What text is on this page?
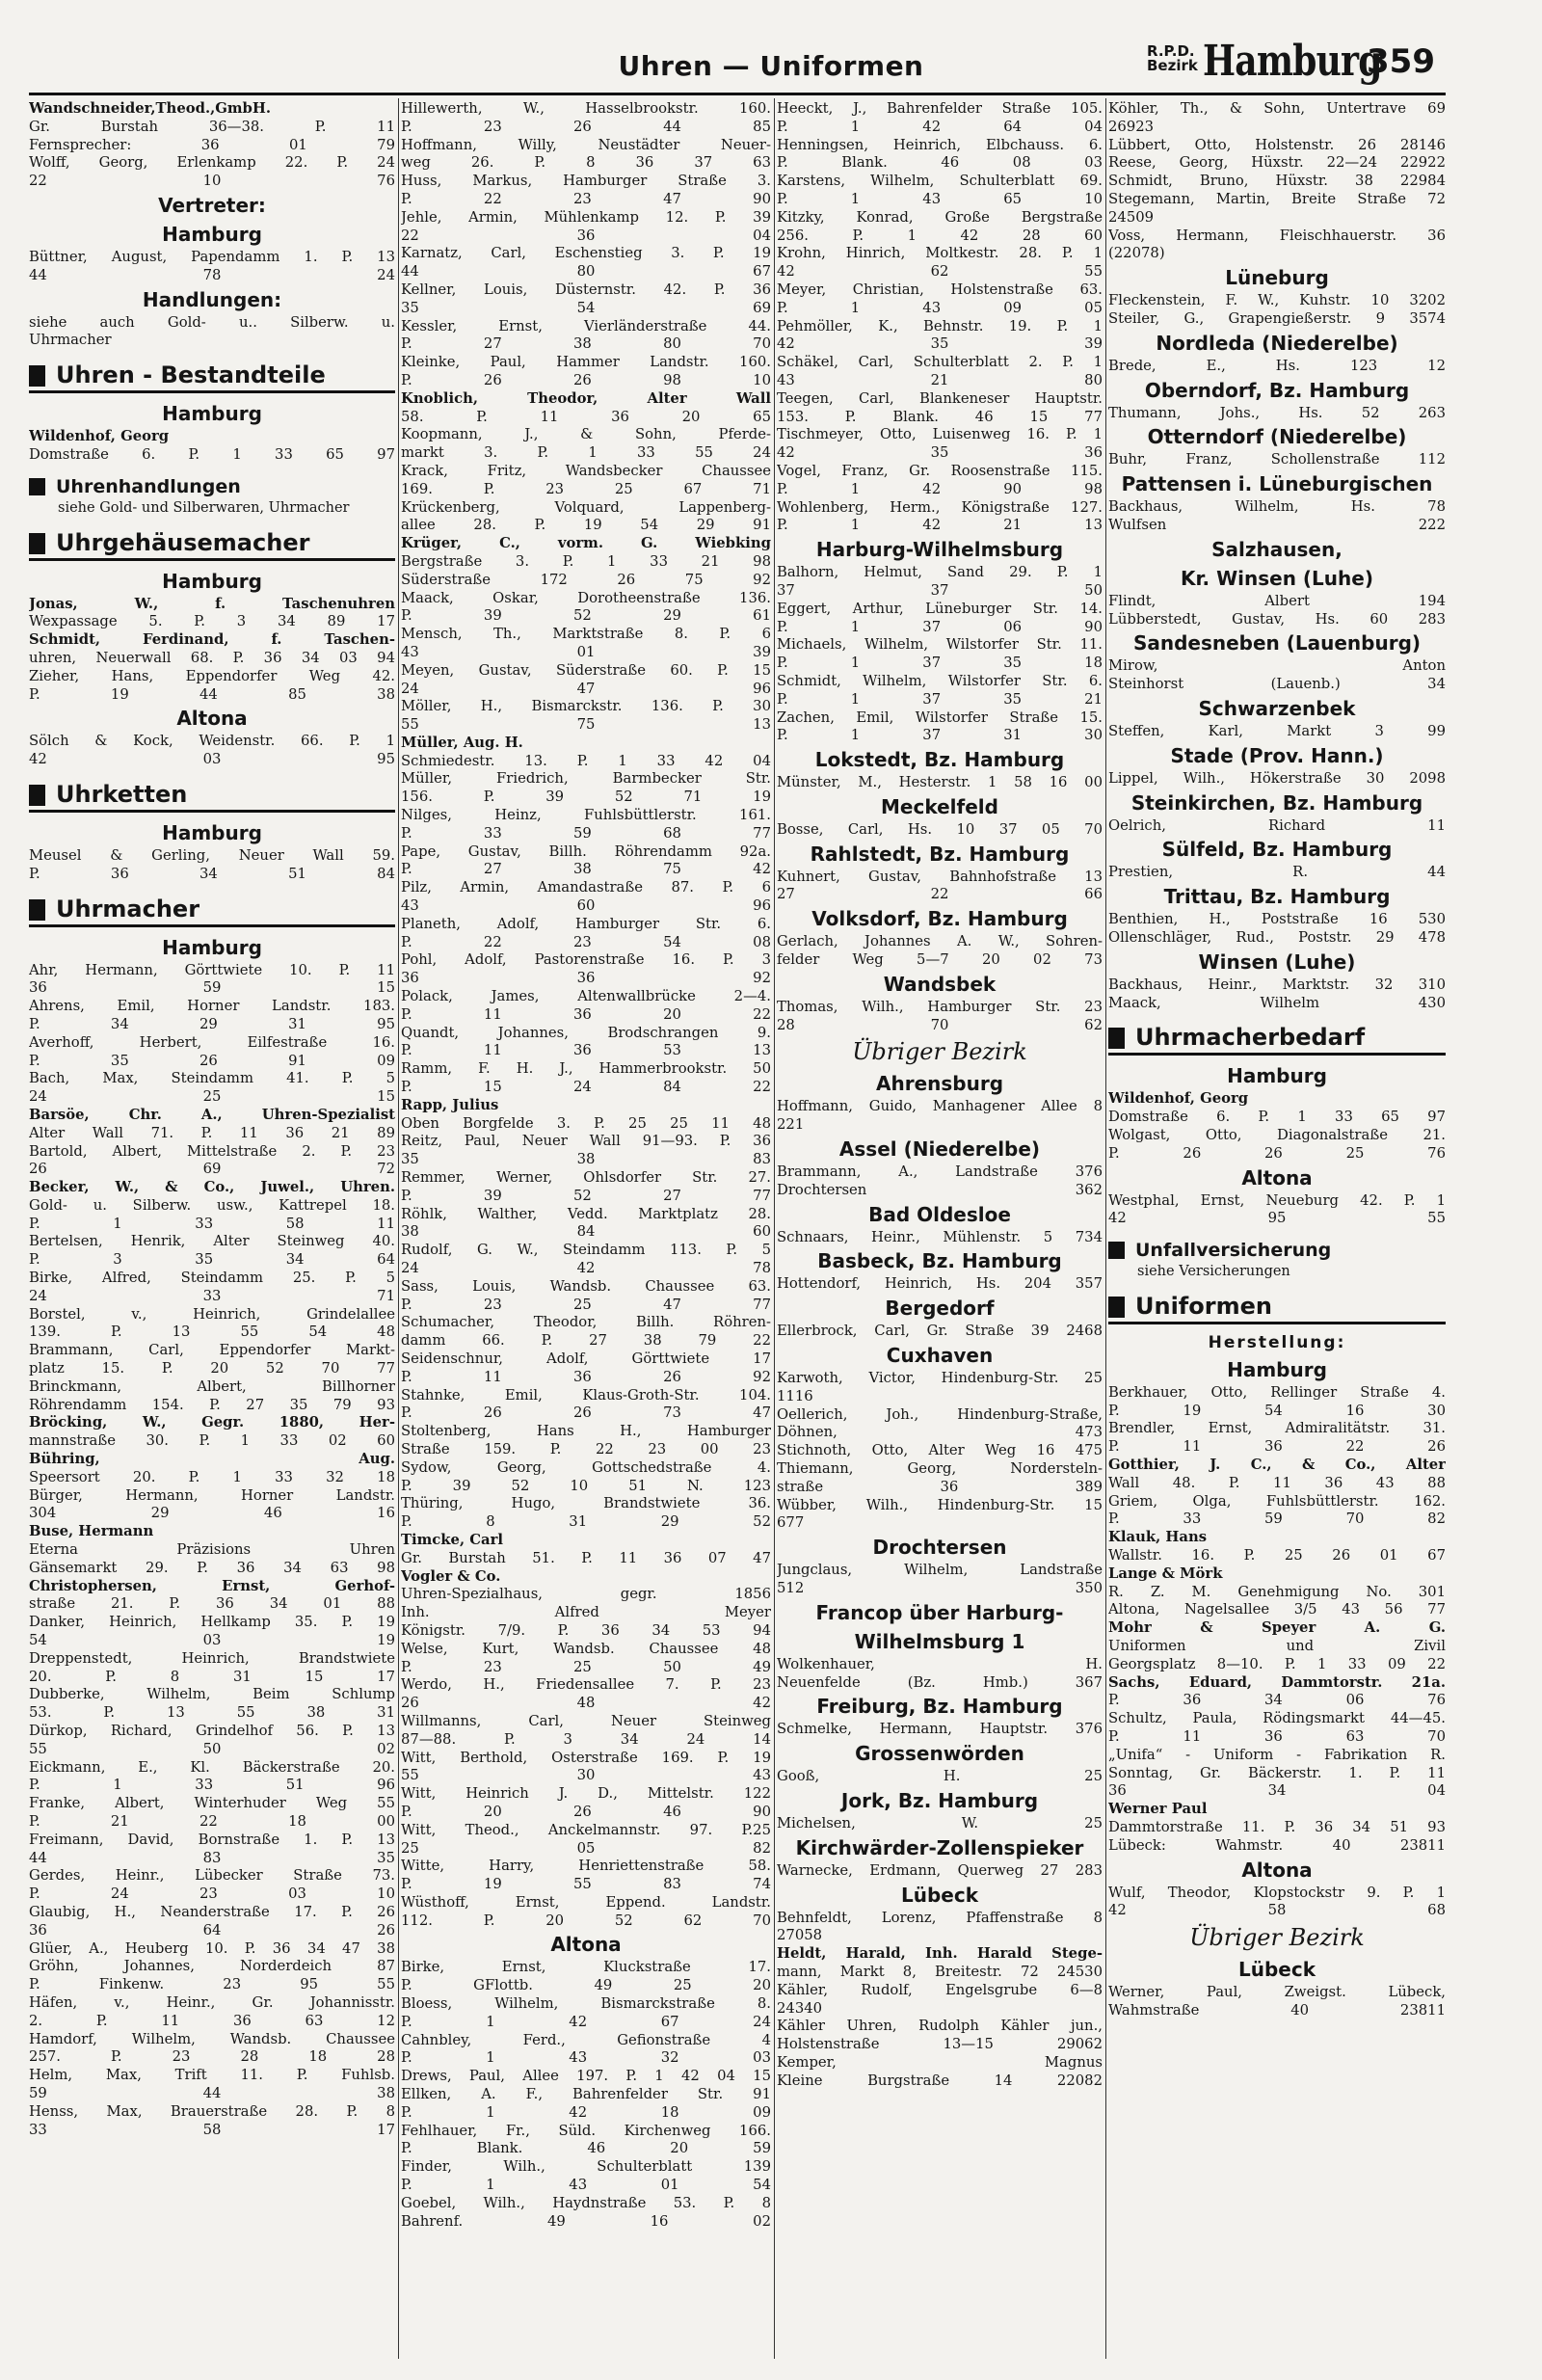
Uhren — Uniformen	R.P.D.
Bezirk Hamburg
359
Wandschneider,Theod.,GmbH.
Gr. Burstah 36—38. P. 11
Fernsprecher: 36 01 79
Wolff, Georg, Erlenkamp 22. P. 24
22 10 76
Vertreter:
Hamburg
Büttner, August, Papendamm 1. P. 13
44 78 24
Handlungen:
siehe auch Gold- u.. Silberw. u.
Uhrmacher
Uhren - Bestandteile
Hamburg
Wildenhof, Georg
Domstraße 6. P. 1 33 65 97
Uhrenhandlungen
siehe Gold- und Silberwaren, Uhrmacher
Uhrgehäusemacher
Hamburg
Jonas, W., f. Taschenuhren
Wexpassage 5. P. 3 34 89 17
Schmidt, Ferdinand, f. Taschen-
uhren, Neuerwall 68. P. 36 34 03 94
Zieher, Hans, Eppendorfer Weg 42.
P. 19 44 85 38
Altona
Sölch & Kock, Weidenstr. 66. P. 1
42 03 95
Uhrketten
Hamburg
Meusel & Gerling, Neuer Wall 59.
P. 36 34 51 84
Uhrmacher
Hamburg
Ahr, Hermann, Görttwiete 10. P. 11
36 59 15
Ahrens, Emil, Horner Landstr. 183.
P. 34 29 31 95
Averhoff, Herbert, Eilfestraße 16.
P. 35 26 91 09
Bach, Max, Steindamm 41. P. 5
24 25 15
Barsöe, Chr. A., Uhren-Spezialist
Alter Wall 71. P. 11 36 21 89
Bartold, Albert, Mittelstraße 2. P. 23
26 69 72
Becker, W., & Co., Juwel., Uhren.
Gold- u. Silberw. usw., Kattrepel 18.
P. 1 33 58 11
Bertelsen, Henrik, Alter Steinweg 40.
P. 3 35 34 64
Birke, Alfred, Steindamm 25. P. 5
24 33 71
Borstel, v., Heinrich, Grindelallee
139. P. 13 55 54 48
Brammann, Carl, Eppendorfer Markt-
platz 15. P. 20 52 70 77
Brinckmann, Albert, Billhorner
Röhrendamm 154. P. 27 35 79 93
Bröcking, W., Gegr. 1880, Her-
mannstraße 30. P. 1 33 02 60
Bühring, Aug.
Speersort 20. P. 1 33 32 18
Bürger, Hermann, Horner Landstr.
304 29 46 16
Buse, Hermann
Eterna Präzisions Uhren
Gänsemarkt 29. P. 36 34 63 98
Christophersen, Ernst, Gerhof-
straße 21. P. 36 34 01 88
Danker, Heinrich, Hellkamp 35. P. 19
54 03 19
Dreppenstedt, Heinrich, Brandstwiete
20. P. 8 31 15 17
Dubberke, Wilhelm, Beim Schlump
53. P. 13 55 38 31
Dürkop, Richard, Grindelhof 56. P. 13
55 50 02
Eickmann, E., Kl. Bäckerstraße 20.
P. 1 33 51 96
Franke, Albert, Winterhuder Weg 55
P. 21 22 18 00
Freimann, David, Bornstraße 1. P. 13
44 83 35
Gerdes, Heinr., Lübecker Straße 73.
P. 24 23 03 10
Glaubig, H., Neanderstraße 17. P. 26
36 64 26
Glüer, A., Heuberg 10. P. 36 34 47 38
Gröhn, Johannes, Norderdeich 87
P. Finkenw. 23 95 55
Häfen, v., Heinr., Gr. Johannisstr.
2. P. 11 36 63 12
Hamdorf, Wilhelm, Wandsb. Chaussee
257. P. 23 28 18 28
Helm, Max, Trift 11. P. Fuhlsb.
59 44 38
Henss, Max, Brauerstraße 28. P. 8
33 58 17
Hillewerth, W., Hasselbrookstr. 160.
P. 23 26 44 85
Hoffmann, Willy, Neustädter Neuer-
weg 26. P. 8 36 37 63
Huss, Markus, Hamburger Straße 3.
P. 22 23 47 90
Jehle, Armin, Mühlenkamp 12. P. 39
22 36 04
Karnatz, Carl, Eschenstieg 3. P. 19
44 80 67
Kellner, Louis, Düsternstr. 42. P. 36
35 54 69
Kessler, Ernst, Vierländerstraße 44.
P. 27 38 80 70
Kleinke, Paul, Hammer Landstr. 160.
P. 26 26 98 10
Knoblich, Theodor, Alter Wall
58. P. 11 36 20 65
Koopmann, J., & Sohn, Pferde-
markt 3. P. 1 33 55 24
Krack, Fritz, Wandsbecker Chaussee
169. P. 23 25 67 71
Krückenberg, Volquard, Lappenberg-
allee 28. P. 19 54 29 91
Krüger, C., vorm. G. Wiebking
Bergstraße 3. P. 1 33 21 98
Süderstraße 172 26 75 92
Maack, Oskar, Dorotheenstraße 136.
P. 39 52 29 61
Mensch, Th., Marktstraße 8. P. 6
43 01 39
Meyen, Gustav, Süderstraße 60. P. 15
24 47 96
Möller, H., Bismarckstr. 136. P. 30
55 75 13
Müller, Aug. H.
Schmiedestr. 13. P. 1 33 42 04
Müller, Friedrich, Barmbecker Str.
156. P. 39 52 71 19
Nilges, Heinz, Fuhlsbüttlerstr. 161.
P. 33 59 68 77
Pape, Gustav, Billh. Röhrendamm 92a.
P. 27 38 75 42
Pilz, Armin, Amandastraße 87. P. 6
43 60 96
Planeth, Adolf, Hamburger Str. 6.
P. 22 23 54 08
Pohl, Adolf, Pastorenstraße 16. P. 3
36 36 92
Polack, James, Altenwallbrücke 2—4.
P. 11 36 20 22
Quandt, Johannes, Brodschrangen 9.
P. 11 36 53 13
Ramm, F. H. J., Hammerbrookstr. 50
P. 15 24 84 22
Rapp, Julius
Oben Borgfelde 3. P. 25 25 11 48
Reitz, Paul, Neuer Wall 91—93. P. 36
35 38 83
Remmer, Werner, Ohlsdorfer Str. 27.
P. 39 52 27 77
Röhlk, Walther, Vedd. Marktplatz 28.
38 84 60
Rudolf, G. W., Steindamm 113. P. 5
24 42 78
Sass, Louis, Wandsb. Chaussee 63.
P. 23 25 47 77
Schumacher, Theodor, Billh. Röhren-
damm 66. P. 27 38 79 22
Seidenschnur, Adolf, Görttwiete 17
P. 11 36 26 92
Stahnke, Emil, Klaus-Groth-Str. 104.
P. 26 26 73 47
Stoltenberg, Hans H., Hamburger
Straße 159. P. 22 23 00 23
Sydow, Georg, Gottschedstraße 4.
P. 39 52 10 51 N. 123
Thüring, Hugo, Brandstwiete 36.
P. 8 31 29 52
Timcke, Carl
Gr. Burstah 51. P. 11 36 07 47
Vogler & Co.
Uhren-Spezialhaus, gegr. 1856
Inh. Alfred Meyer
Königstr. 7/9. P. 36 34 53 94
Welse, Kurt, Wandsb. Chaussee 48
P. 23 25 50 49
Werdo, H., Friedensallee 7. P. 23
26 48 42
Willmanns, Carl, Neuer Steinweg
87—88. P. 3 34 24 14
Witt, Berthold, Osterstraße 169. P. 19
55 30 43
Witt, Heinrich J. D., Mittelstr. 122
P. 20 26 46 90
Witt, Theod., Anckelmannstr. 97. P.25
25 05 82
Witte, Harry, Henriettenstraße 58.
P. 19 55 83 74
Wüsthoff, Ernst, Eppend. Landstr.
112. P. 20 52 62 70
Altona
Birke, Ernst, Kluckstraße 17.
P. GFlottb. 49 25 20
Bloess, Wilhelm, Bismarckstraße 8.
P. 1 42 67 24
Cahnbley, Ferd., Gefionstraße 4
P. 1 43 32 03
Drews, Paul, Allee 197. P. 1 42 04 15
Ellken, A. F., Bahrenfelder Str. 91
P. 1 42 18 09
Fehlhauer, Fr., Süld. Kirchenweg 166.
P. Blank. 46 20 59
Finder, Wilh., Schulterblatt 139
P. 1 43 01 54
Goebel, Wilh., Haydnstraße 53. P. 8
Bahrenf. 49 16 02
Heeckt, J., Bahrenfelder Straße 105.
P. 1 42 64 04
Henningsen, Heinrich, Elbchauss. 6.
P. Blank. 46 08 03
Karstens, Wilhelm, Schulterblatt 69.
P. 1 43 65 10
Kitzky, Konrad, Große Bergstraße
256. P. 1 42 28 60
Krohn, Hinrich, Moltkestr. 28. P. 1
42 62 55
Meyer, Christian, Holstenstraße 63.
P. 1 43 09 05
Pehmöller, K., Behnstr. 19. P. 1
42 35 39
Schäkel, Carl, Schulterblatt 2. P. 1
43 21 80
Teegen, Carl, Blankeneser Hauptstr.
153. P. Blank. 46 15 77
Tischmeyer, Otto, Luisenweg 16. P. 1
42 35 36
Vogel, Franz, Gr. Roosenstraße 115.
P. 1 42 90 98
Wohlenberg, Herm., Königstraße 127.
P. 1 42 21 13
Harburg-Wilhelmsburg
Balhorn, Helmut, Sand 29. P. 1
37 37 50
Eggert, Arthur, Lüneburger Str. 14.
P. 1 37 06 90
Michaels, Wilhelm, Wilstorfer Str. 11.
P. 1 37 35 18
Schmidt, Wilhelm, Wilstorfer Str. 6.
P. 1 37 35 21
Zachen, Emil, Wilstorfer Straße 15.
P. 1 37 31 30
Lokstedt, Bz. Hamburg
Münster, M., Hesterstr. 1 58 16 00
Meckelfeld
Bosse, Carl, Hs. 10 37 05 70
Rahlstedt, Bz. Hamburg
Kuhnert, Gustav, Bahnhofstraße 13
27 22 66
Volksdorf, Bz. Hamburg
Gerlach, Johannes A. W., Sohren-
felder Weg 5—7 20 02 73
Wandsbek
Thomas, Wilh., Hamburger Str. 23
28 70 62
Übriger Bezirk
Ahrensburg
Hoffmann, Guido, Manhagener Allee 8
221
Assel (Niederelbe)
Brammann, A., Landstraße 376
Drochtersen 362
Bad Oldesloe
Schnaars, Heinr., Mühlenstr. 5 734
Basbeck, Bz. Hamburg
Hottendorf, Heinrich, Hs. 204 357
Bergedorf
Ellerbrock, Carl, Gr. Straße 39 2468
Cuxhaven
Karwoth, Victor, Hindenburg-Str. 25
1116
Oellerich, Joh., Hindenburg-Straße,
Döhnen, 473
Stichnoth, Otto, Alter Weg 16 475
Thiemann, Georg, Nordersteln-
straße 36 389
Wübber, Wilh., Hindenburg-Str. 15
677
Drochtersen
Jungclaus, Wilhelm, Landstraße
512 350
Francop über Harburg-
Wilhelmsburg 1
Wolkenhauer, H.
Neuenfelde (Bz. Hmb.) 367
Freiburg, Bz. Hamburg
Schmelke, Hermann, Hauptstr. 376
Grossenwörden
Gooß, H. 25
Jork, Bz. Hamburg
Michelsen, W. 25
Kirchwärder-Zollenspieker
Warnecke, Erdmann, Querweg 27 283
Lübeck
Behnfeldt, Lorenz, Pfaffenstraße 8
27058
Heldt, Harald, Inh. Harald Stege-
mann, Markt 8, Breitestr. 72 24530
Kähler, Rudolf, Engelsgrube 6—8
24340
Kähler Uhren, Rudolph Kähler jun.,
Holstenstraße 13—15 29062
Kemper, Magnus
Kleine Burgstraße 14 22082
Köhler, Th., & Sohn, Untertrave 69
26923
Lübbert, Otto, Holstenstr. 26 28146
Reese, Georg, Hüxstr. 22—24 22922
Schmidt, Bruno, Hüxstr. 38 22984
Stegemann, Martin, Breite Straße 72
24509
Voss, Hermann, Fleischhauerstr. 36
(22078)
Lüneburg
Fleckenstein, F. W., Kuhstr. 10 3202
Steiler, G., Grapengießerstr. 9 3574
Nordleda (Niederelbe)
Brede, E., Hs. 123 12
Oberndorf, Bz. Hamburg
Thumann, Johs., Hs. 52 263
Otterndorf (Niederelbe)
Buhr, Franz, Schollenstraße 112
Pattensen i. Lüneburgischen
Backhaus, Wilhelm, Hs. 78
Wulfsen 222
Salzhausen,
Kr. Winsen (Luhe)
Flindt, Albert 194
Lübberstedt, Gustav, Hs. 60 283
Sandesneben (Lauenburg)
Mirow, Anton
Steinhorst (Lauenb.) 34
Schwarzenbek
Steffen, Karl, Markt 3 99
Stade (Prov. Hann.)
Lippel, Wilh., Hökerstraße 30 2098
Steinkirchen, Bz. Hamburg
Oelrich, Richard 11
Sülfeld, Bz. Hamburg
Prestien, R. 44
Trittau, Bz. Hamburg
Benthien, H., Poststraße 16 530
Ollenschläger, Rud., Poststr. 29 478
Winsen (Luhe)
Backhaus, Heinr., Marktstr. 32 310
Maack, Wilhelm 430
Uhrmacherbedarf
Hamburg
Wildenhof, Georg
Domstraße 6. P. 1 33 65 97
Wolgast, Otto, Diagonalstraße 21.
P. 26 26 25 76
Altona
Westphal, Ernst, Neueburg 42. P. 1
42 95 55
Unfallversicherung
siehe Versicherungen
Uniformen
Herstellung:
Hamburg
Berkhauer, Otto, Rellinger Straße 4.
P. 19 54 16 30
Brendler, Ernst, Admiralitätstr. 31.
P. 11 36 22 26
Gotthier, J. C., & Co., Alter
Wall 48. P. 11 36 43 88
Griem, Olga, Fuhlsbüttlerstr. 162.
P. 33 59 70 82
Klauk, Hans
Wallstr. 16. P. 25 26 01 67
Lange & Mörk
R. Z. M. Genehmigung No. 301
Altona, Nagelsallee 3/5 43 56 77
Mohr & Speyer A. G.
Uniformen und Zivil
Georgsplatz 8—10. P. 1 33 09 22
Sachs, Eduard, Dammtorstr. 21a.
P. 36 34 06 76
Schultz, Paula, Rödingsmarkt 44—45.
P. 11 36 63 70
„Unifa“ - Uniform - Fabrikation R.
Sonntag, Gr. Bäckerstr. 1. P. 11
36 34 04
Werner Paul
Dammtorstraße 11. P. 36 34 51 93
Lübeck: Wahmstr. 40 23811
Altona
Wulf, Theodor, Klopstockstr 9. P. 1
42 58 68
Übriger Bezirk
Lübeck
Werner, Paul, Zweigst. Lübeck,
Wahmstraße 40 23811
